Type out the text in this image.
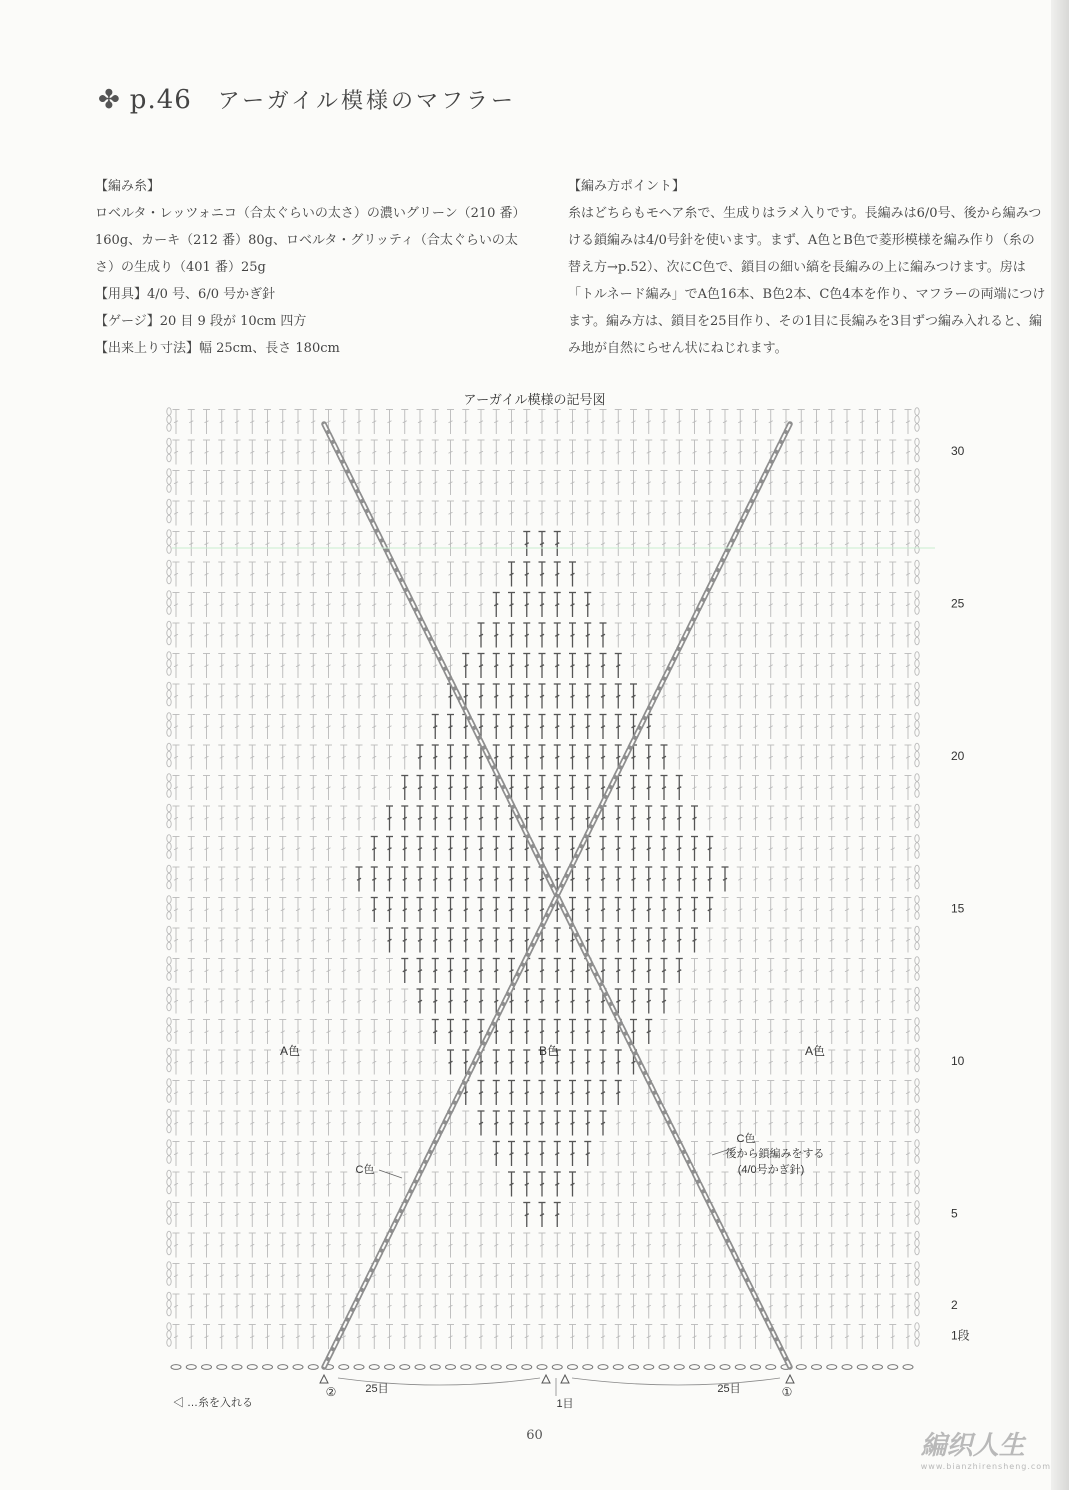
✤ p.46 アーガイル模様のマフラー

【編み糸】

ロベルタ・レッツォニコ（合太ぐらいの太さ）の濃いグリーン（210 番）160g、カーキ（212 番）80g、ロベルタ・グリッティ（合太ぐらいの太さ）の生成り（401 番）25g

【用具】4/0 号、6/0 号かぎ針

【ゲージ】20 目 9 段が 10cm 四方

【出来上り寸法】幅 25cm、長さ 180cm

【編み方ポイント】

糸はどちらもモヘア糸で、生成りはラメ入りです。長編みは6/0号、後から編みつける鎖編みは4/0号針を使います。まず、A色とB色で菱形模様を編み作り（糸の替え方→p.52）、次にC色で、鎖目の細い縞を長編みの上に編みつけます。房は「トルネード編み」でA色16本、B色2本、C色4本を作り、マフラーの両端につけます。編み方は、鎖目を25目作り、その1目に長編みを3目ずつ編み入れると、編み地が自然にらせん状にねじれます。

アーガイル模様の記号図
30
25
20
15
10
5
2
1段
A色	B色	A色
C色
C色
後から鎖編みをする
(4/0号かぎ針)
②	①
25目	25目
1目
◁ …糸を入れる
60	編织人生
www.bianzhirensheng.com
